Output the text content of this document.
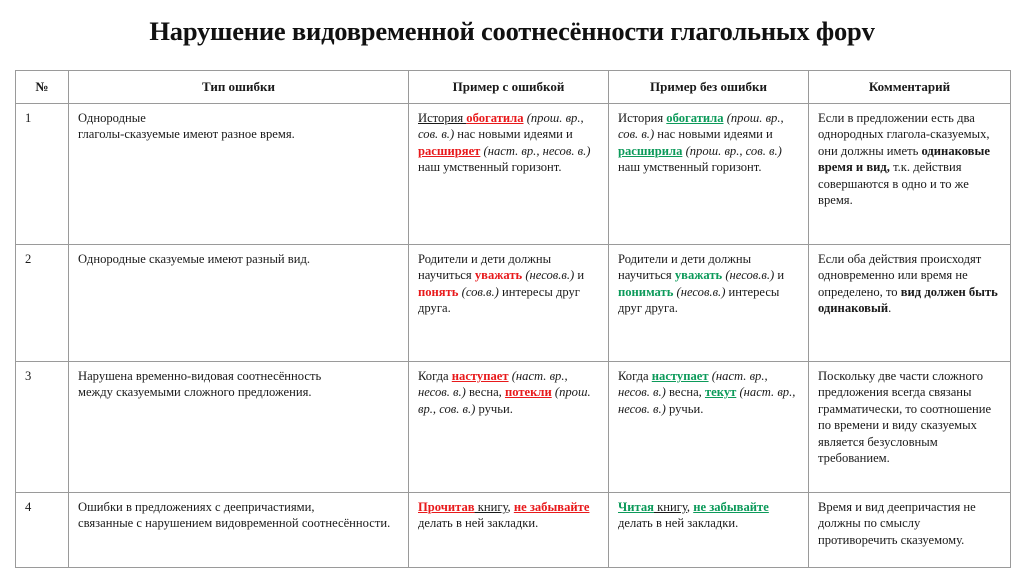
Нарушение видовременной соотнесённости глагольных форv
№	Тип ошибки	Пример с ошибкой	Пример без ошибки	Комментарий
1	Однородные
глаголы-сказуемые имеют разное время.	История обогатила (прош. вр., сов. в.) нас новыми идеями и расширяет (наст. вр., несов. в.) наш умственный горизонт.	История обогатила (прош. вр., сов. в.) нас новыми идеями и расширила (прош. вр., сов. в.) наш умственный горизонт.	Если в предложении есть два однородных глагола-сказуемых, они должны иметь одинаковые время и вид, т.к. действия совершаются в одно и то же время.
2	Однородные сказуемые имеют разный вид.	Родители и дети должны научиться уважать (несов.в.) и понять (сов.в.) интересы друг друга.	Родители и дети должны научиться уважать (несов.в.) и понимать (несов.в.) интересы друг друга.	Если оба действия происходят одновременно или время не определено, то вид должен быть одинаковый.
3	Нарушена временно-видовая соотнесённость
между сказуемыми сложного предложения.	Когда наступает (наст. вр., несов. в.) весна, потекли (прош. вр., сов. в.) ручьи.	Когда наступает (наст. вр., несов. в.) весна, текут (наст. вр., несов. в.) ручьи.	Поскольку две части сложного предложения всегда связаны грамматически, то соотношение по времени и виду сказуемых является безусловным требованием.
4	Ошибки в предложениях с деепричастиями,
связанные с нарушением видовременной соотнесённости.	Прочитав книгу, не забывайте делать в ней закладки.	Читая книгу, не забывайте делать в ней закладки.	Время и вид деепричастия не должны по смыслу противоречить сказуемому.
